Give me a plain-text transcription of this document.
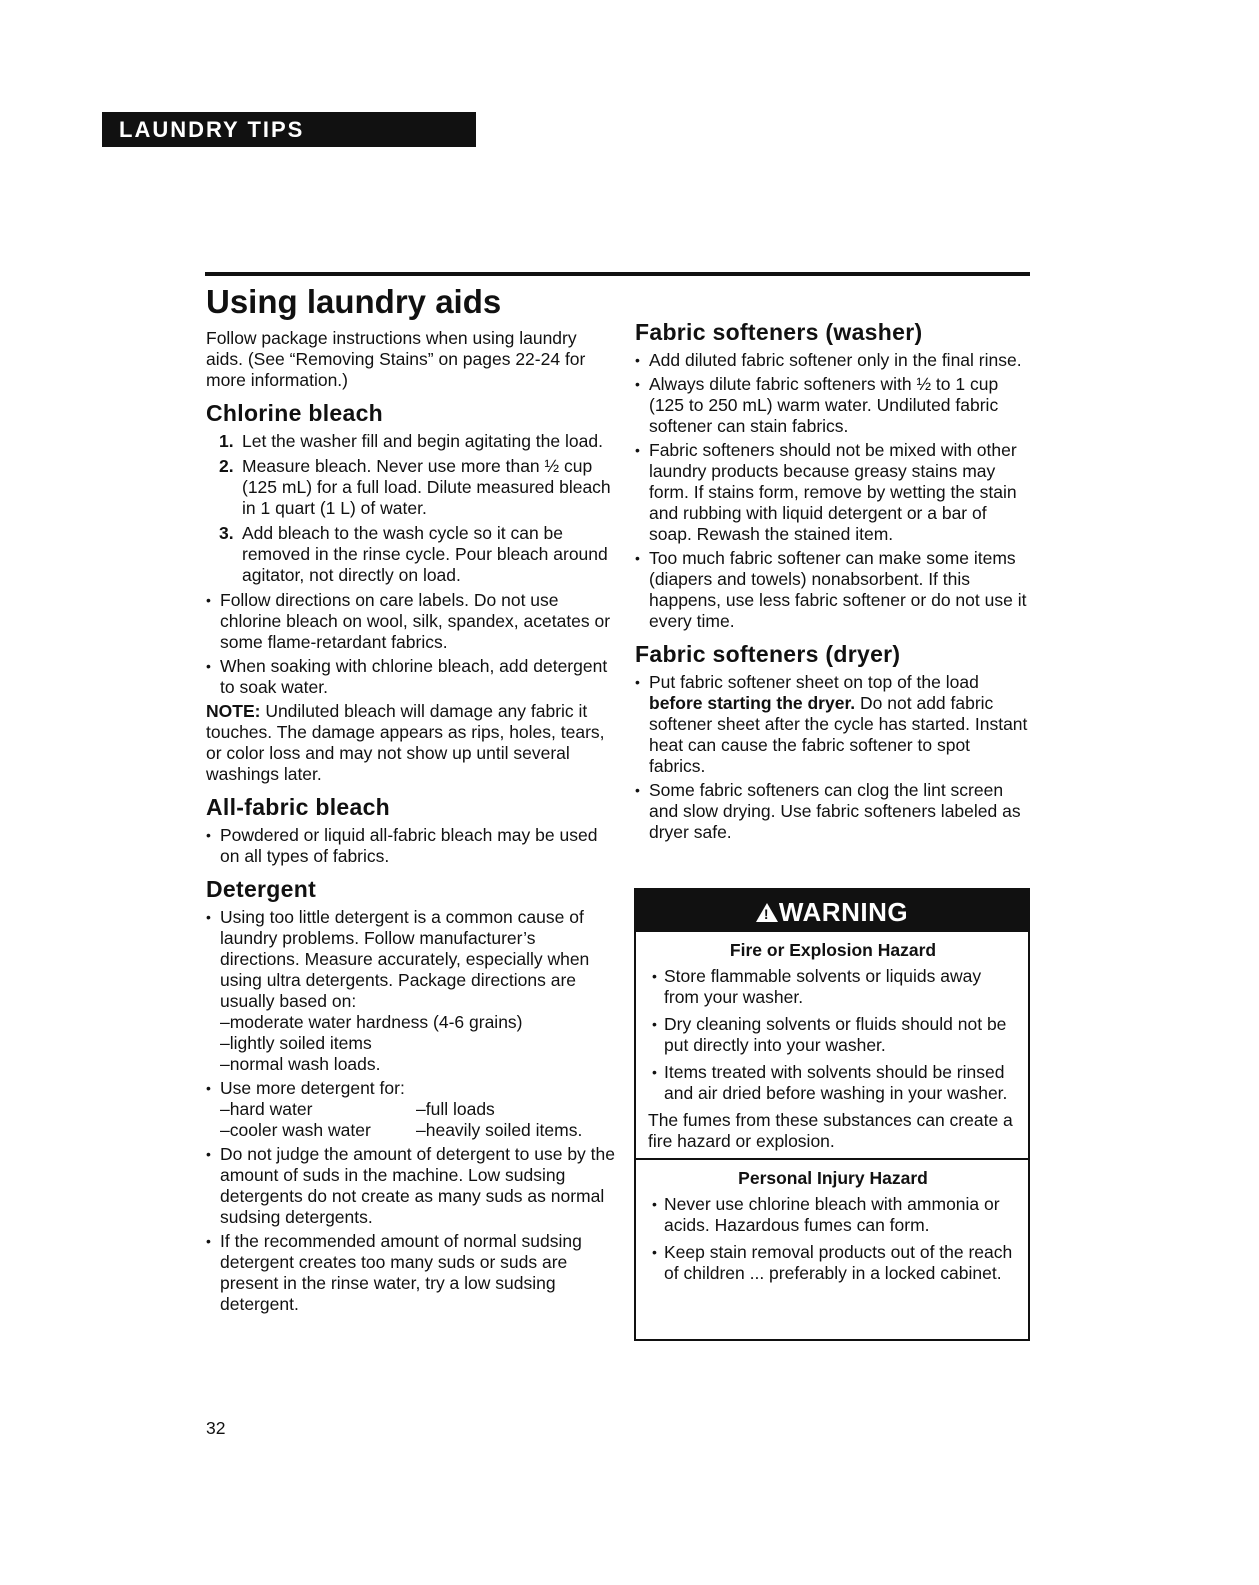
LAUNDRY TIPS
Using laundry aids

Follow package instructions when using laundry aids. (See “Removing Stains” on pages 22-24 for more information.)

Chlorine bleach
1. Let the washer fill and begin agitating the load.
2. Measure bleach. Never use more than ½ cup (125 mL) for a full load. Dilute measured bleach in 1 quart (1 L) of water.
3. Add bleach to the wash cycle so it can be removed in the rinse cycle. Pour bleach around agitator, not directly on load.
• Follow directions on care labels. Do not use chlorine bleach on wool, silk, spandex, acetates or some flame-retardant fabrics.
• When soaking with chlorine bleach, add detergent to soak water.

NOTE: Undiluted bleach will damage any fabric it touches. The damage appears as rips, holes, tears, or color loss and may not show up until several washings later.

All-fabric bleach
• Powdered or liquid all-fabric bleach may be used on all types of fabrics.
Detergent
• Using too little detergent is a common cause of laundry problems. Follow manufacturer’s directions. Measure accurately, especially when using ultra detergents. Package directions are usually based on:
–moderate water hardness (4-6 grains)
–lightly soiled items
–normal wash loads.
• Use more detergent for:
–hard water	–full loads
–cooler wash water	–heavily soiled items.
• Do not judge the amount of detergent to use by the amount of suds in the machine. Low sudsing detergents do not create as many suds as normal sudsing detergents.
• If the recommended amount of normal sudsing detergent creates too many suds or suds are present in the rinse water, try a low sudsing detergent.
Fabric softeners (washer)
• Add diluted fabric softener only in the final rinse.
• Always dilute fabric softeners with ½ to 1 cup (125 to 250 mL) warm water. Undiluted fabric softener can stain fabrics.
• Fabric softeners should not be mixed with other laundry products because greasy stains may form. If stains form, remove by wetting the stain and rubbing with liquid detergent or a bar of soap. Rewash the stained item.
• Too much fabric softener can make some items (diapers and towels) nonabsorbent. If this happens, use less fabric softener or do not use it every time.
Fabric softeners (dryer)
• Put fabric softener sheet on top of the load before starting the dryer. Do not add fabric softener sheet after the cycle has started. Instant heat can cause the fabric softener to spot fabrics.
• Some fabric softeners can clog the lint screen and slow drying. Use fabric softeners labeled as dryer safe.
!WARNING
Fire or Explosion Hazard
• Store flammable solvents or liquids away from your washer.
• Dry cleaning solvents or fluids should not be put directly into your washer.
• Items treated with solvents should be rinsed and air dried before washing in your washer.

The fumes from these substances can create a fire hazard or explosion.

Personal Injury Hazard
• Never use chlorine bleach with ammonia or acids. Hazardous fumes can form.
• Keep stain removal products out of the reach of children ... preferably in a locked cabinet.
32
